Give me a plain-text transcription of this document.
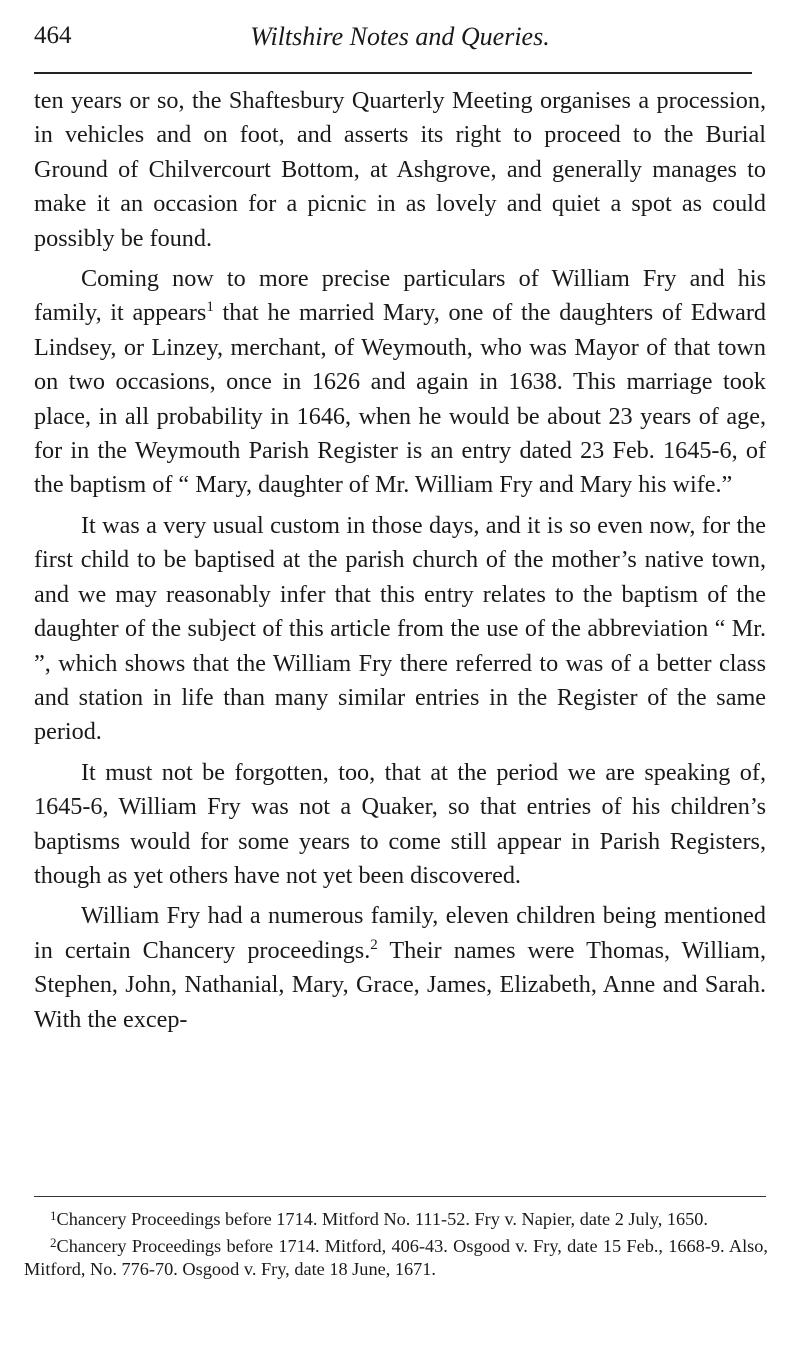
464	Wiltshire Notes and Queries.

ten years or so, the Shaftesbury Quarterly Meeting organises a procession, in vehicles and on foot, and asserts its right to proceed to the Burial Ground of Chilvercourt Bottom, at Ashgrove, and generally manages to make it an occasion for a picnic in as lovely and quiet a spot as could possibly be found.

Coming now to more precise particulars of William Fry and his family, it appears$^1$ that he married Mary, one of the daughters of Edward Lindsey, or Linzey, merchant, of Weymouth, who was Mayor of that town on two occasions, once in 1626 and again in 1638. This marriage took place, in all probability in 1646, when he would be about 23 years of age, for in the Weymouth Parish Register is an entry dated 23 Feb. 1645-6, of the baptism of “ Mary, daughter of Mr. William Fry and Mary his wife.”

It was a very usual custom in those days, and it is so even now, for the first child to be baptised at the parish church of the mother’s native town, and we may reasonably infer that this entry relates to the baptism of the daughter of the subject of this article from the use of the abbreviation “ Mr. ”, which shows that the William Fry there referred to was of a better class and station in life than many similar entries in the Register of the same period.

It must not be forgotten, too, that at the period we are speaking of, 1645-6, William Fry was not a Quaker, so that entries of his children’s baptisms would for some years to come still appear in Parish Registers, though as yet others have not yet been discovered.

William Fry had a numerous family, eleven children being mentioned in certain Chancery proceedings.$^2$ Their names were Thomas, William, Stephen, John, Nathanial, Mary, Grace, James, Elizabeth, Anne and Sarah. With the excep-

$^1$Chancery Proceedings before 1714. Mitford No. 111-52. Fry v. Napier, date 2 July, 1650.

$^2$Chancery Proceedings before 1714. Mitford, 406-43. Osgood v. Fry, date 15 Feb., 1668-9. Also, Mitford, No. 776-70. Osgood v. Fry, date 18 June, 1671.
